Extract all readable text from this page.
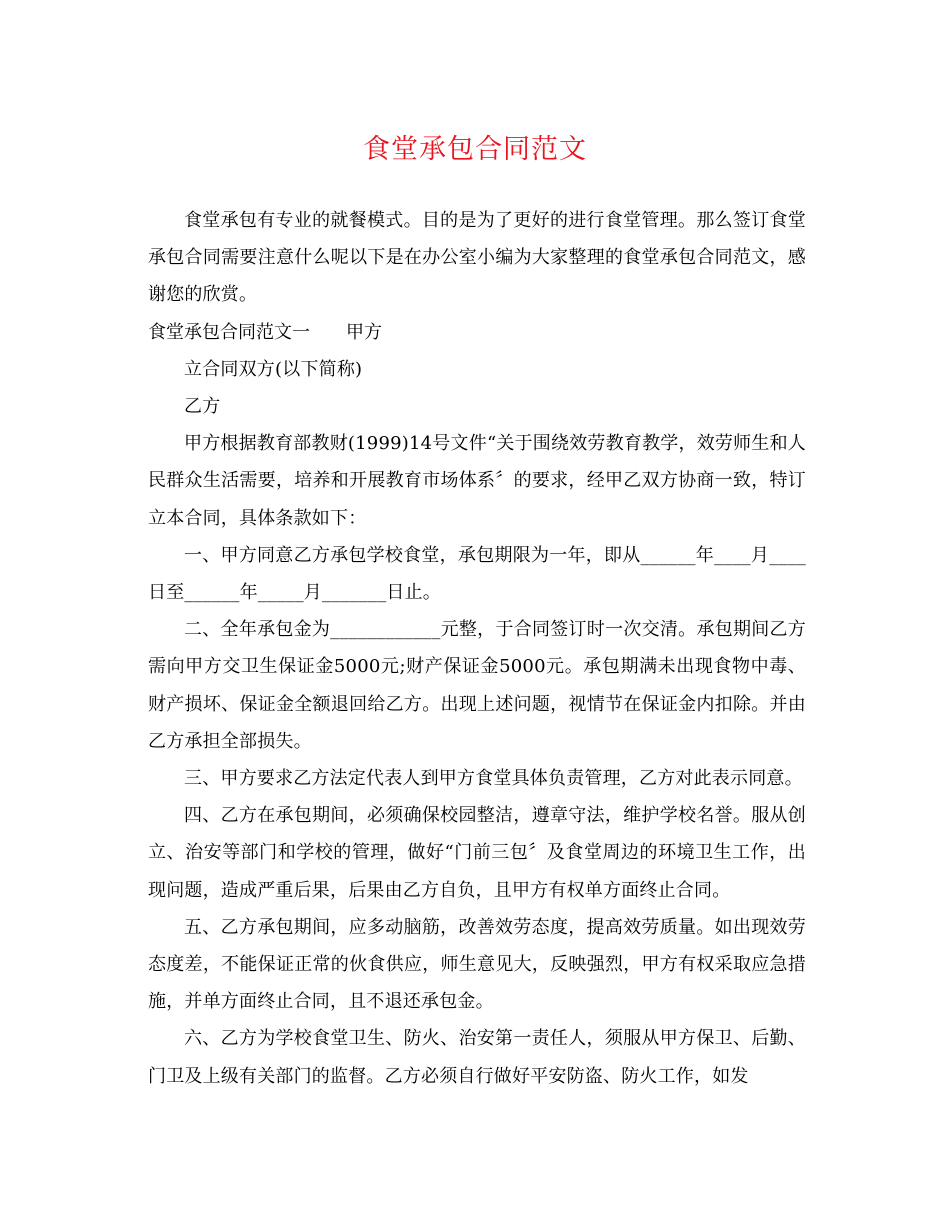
食堂承包合同范文

食堂承包有专业的就餐模式。目的是为了更好的进行食堂管理。那么签订食堂承包合同需要注意什么呢以下是在办公室小编为大家整理的食堂承包合同范文，感谢您的欣赏。

食堂承包合同范文一 甲方

立合同双方(以下简称)

乙方

甲方根据教育部教财(1999)14号文件“关于围绕效劳教育教学，效劳师生和人民群众生活需要，培养和开展教育市场体系〞的要求，经甲乙双方协商一致，特订立本合同，具体条款如下：

一、甲方同意乙方承包学校食堂，承包期限为一年，即从______年____月____日至______年_____月_______日止。

二、全年承包金为____________元整，于合同签订时一次交清。承包期间乙方需向甲方交卫生保证金5000元;财产保证金5000元。承包期满未出现食物中毒、财产损坏、保证金全额退回给乙方。出现上述问题，视情节在保证金内扣除。并由乙方承担全部损失。

三、甲方要求乙方法定代表人到甲方食堂具体负责管理，乙方对此表示同意。

四、乙方在承包期间，必须确保校园整洁，遵章守法，维护学校名誉。服从创立、治安等部门和学校的管理，做好“门前三包〞及食堂周边的环境卫生工作，出现问题，造成严重后果，后果由乙方自负，且甲方有权单方面终止合同。

五、乙方承包期间，应多动脑筋，改善效劳态度，提高效劳质量。如出现效劳态度差，不能保证正常的伙食供应，师生意见大，反映强烈，甲方有权采取应急措施，并单方面终止合同，且不退还承包金。

六、乙方为学校食堂卫生、防火、治安第一责任人，须服从甲方保卫、后勤、门卫及上级有关部门的监督。乙方必须自行做好平安防盗、防火工作，如发
